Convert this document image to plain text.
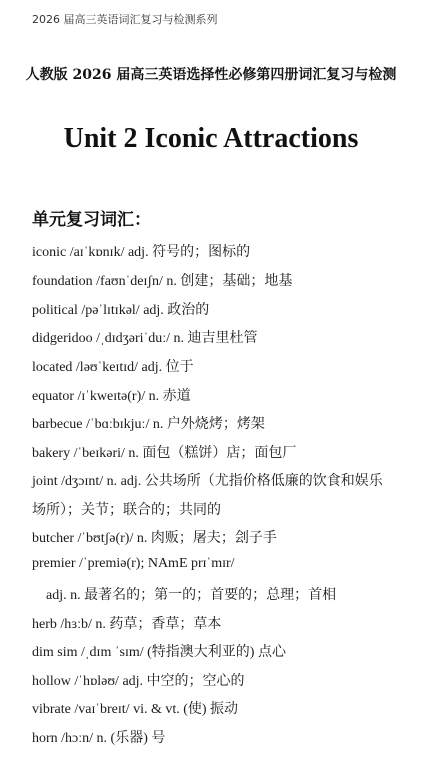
2026 届高三英语词汇复习与检测系列
人教版 2026 届高三英语选择性必修第四册词汇复习与检测
Unit 2 Iconic Attractions
单元复习词汇：
iconic /aɪˈkɒnɪk/ adj. 符号的；图标的
foundation /faʊnˈdeɪʃn/ n. 创建；基础；地基
political /pəˈlɪtɪkəl/ adj. 政治的
didgeridoo /ˌdɪdʒəriˈduː/ n. 迪吉里杜管
located /ləʊˈkeɪtɪd/ adj. 位于
equator /ɪˈkweɪtə(r)/ n. 赤道
barbecue /ˈbɑːbɪkjuː/ n. 户外烧烤；烤架
bakery /ˈbeɪkəri/ n. 面包（糕饼）店；面包厂
joint /dʒɔɪnt/ n. adj. 公共场所（尤指价格低廉的饮食和娱乐
场所）；关节；联合的；共同的
butcher /ˈbʊtʃə(r)/ n. 肉贩；屠夫；刽子手
premier /ˈpremiə(r); NAmE prɪˈmɪr/
adj. n. 最著名的；第一的；首要的；总理；首相
herb /hɜːb/ n. 药草；香草；草本
dim sim /ˌdɪm ˈsɪm/ (特指澳大利亚的) 点心
hollow /ˈhɒləʊ/ adj. 中空的；空心的
vibrate /vaɪˈbreɪt/ vi. & vt. (使) 振动
horn /hɔːn/ n. (乐器) 号
